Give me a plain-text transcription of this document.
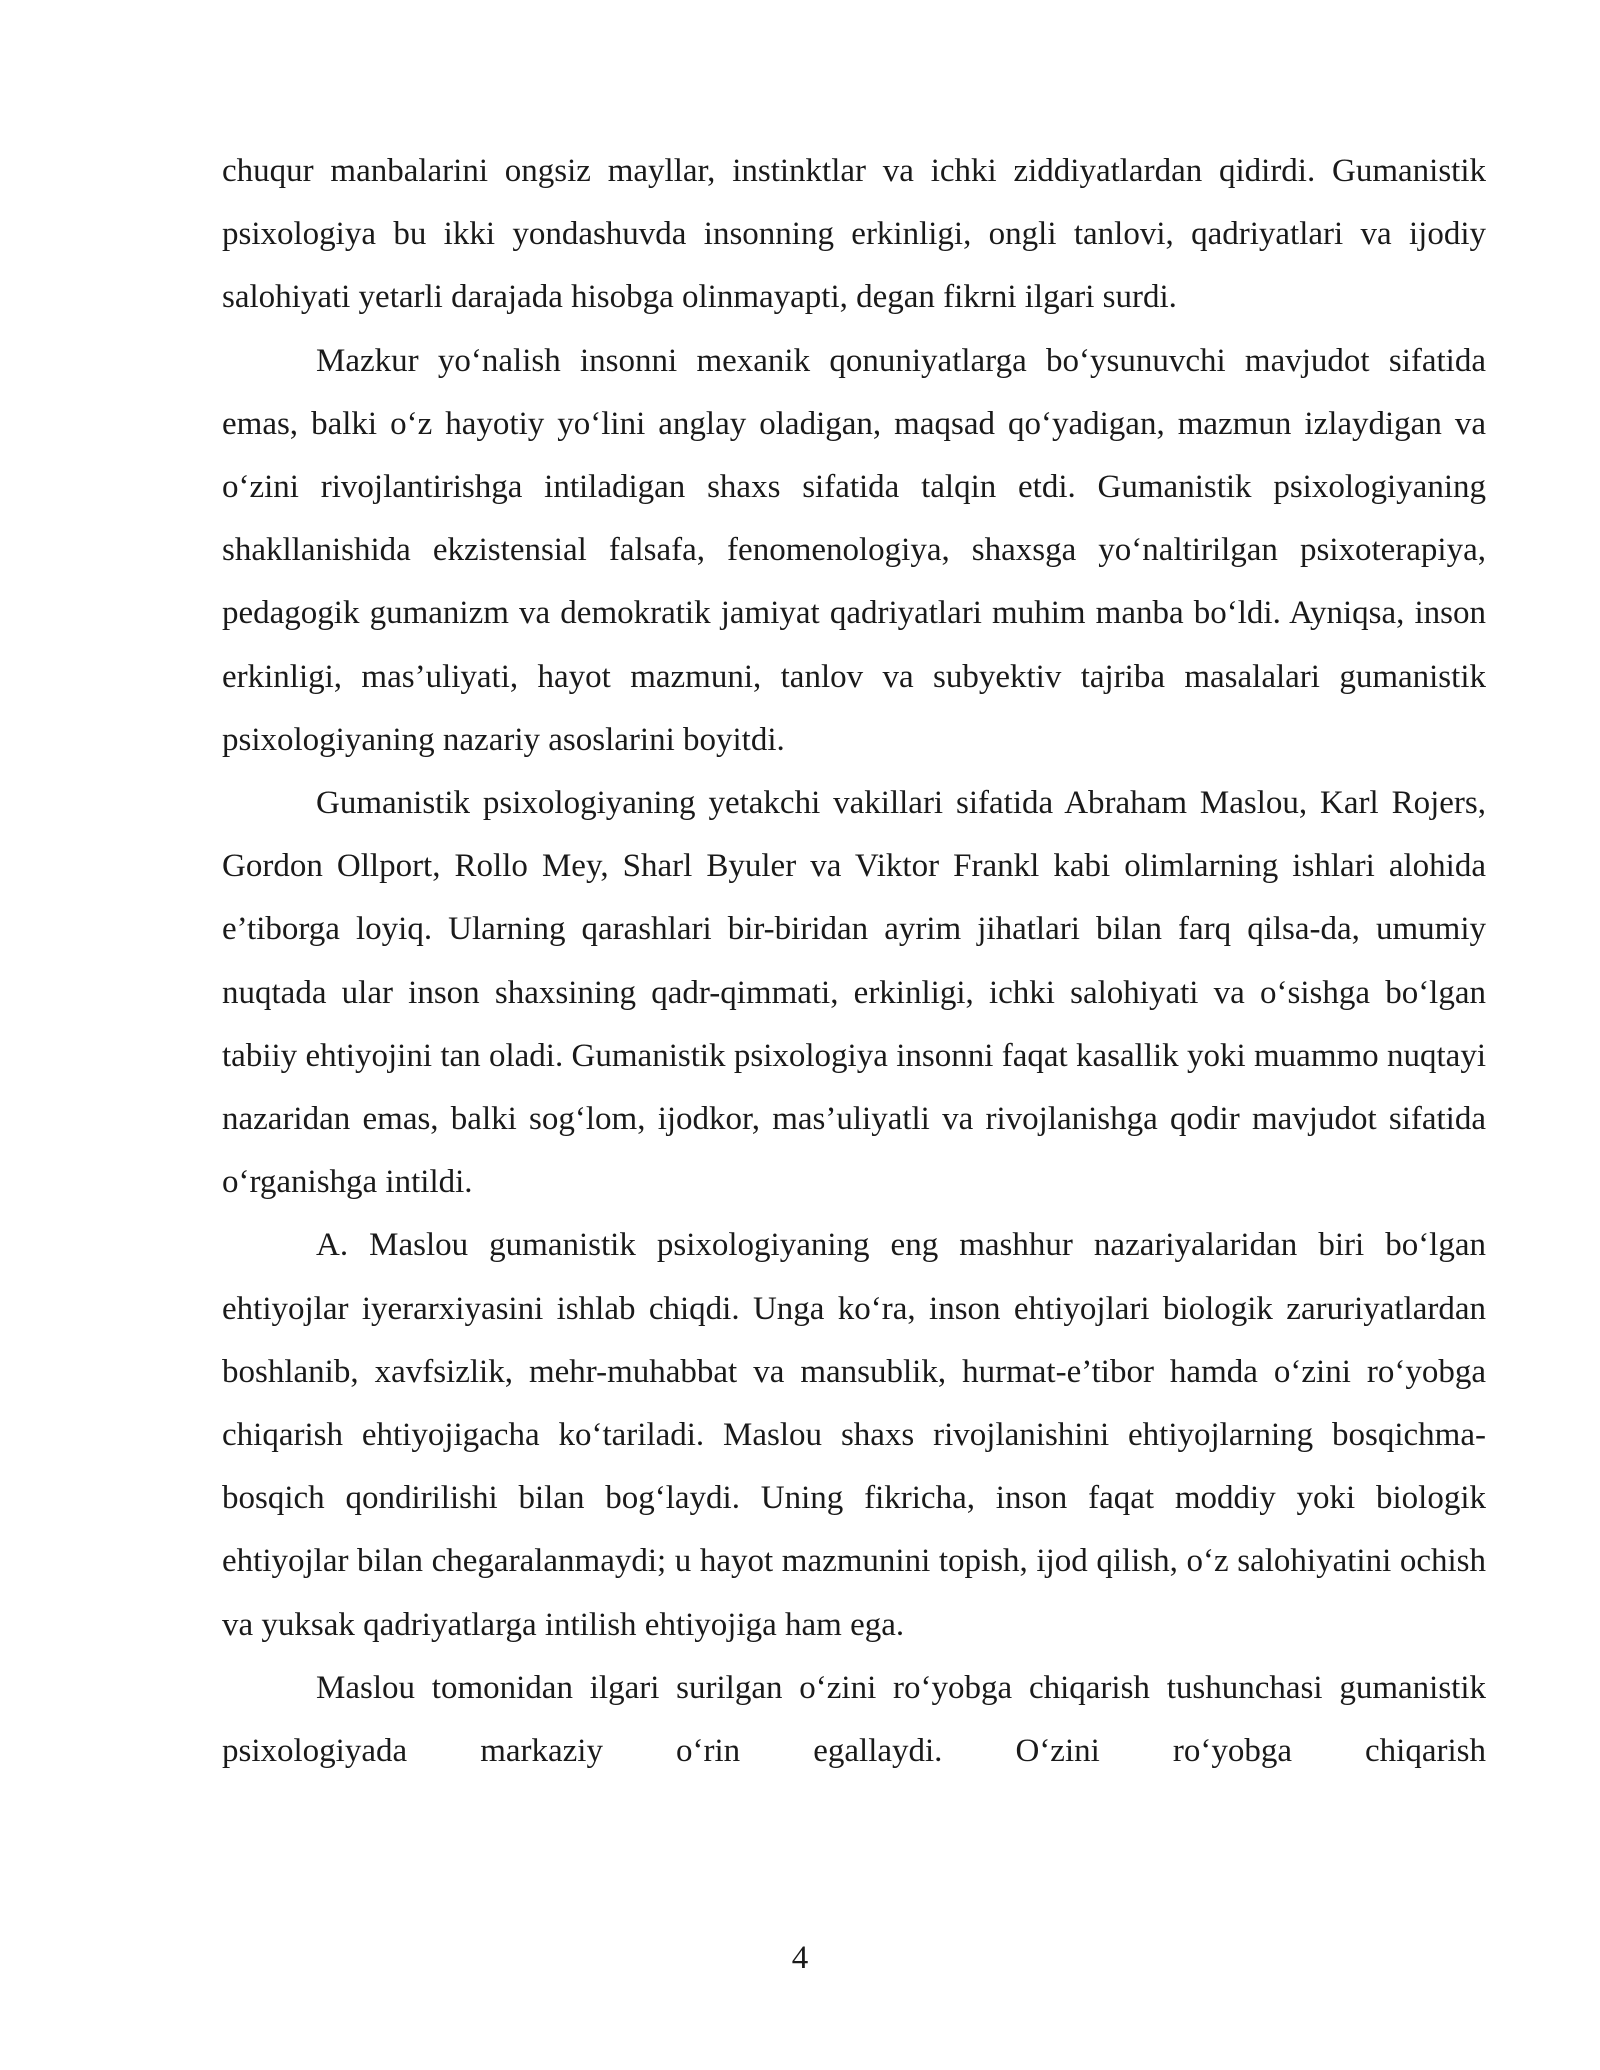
chuqur manbalarini ongsiz mayllar, instinktlar va ichki ziddiyatlardan qidirdi. Gumanistik psixologiya bu ikki yondashuvda insonning erkinligi, ongli tanlovi, qadriyatlari va ijodiy salohiyati yetarli darajada hisobga olinmayapti, degan fikrni ilgari surdi.

Mazkur yo‘nalish insonni mexanik qonuniyatlarga bo‘ysunuvchi mavjudot sifatida emas, balki o‘z hayotiy yo‘lini anglay oladigan, maqsad qo‘yadigan, mazmun izlaydigan va o‘zini rivojlantirishga intiladigan shaxs sifatida talqin etdi. Gumanistik psixologiyaning shakllanishida ekzistensial falsafa, fenomenologiya, shaxsga yo‘naltirilgan psixoterapiya, pedagogik gumanizm va demokratik jamiyat qadriyatlari muhim manba bo‘ldi. Ayniqsa, inson erkinligi, mas’uliyati, hayot mazmuni, tanlov va subyektiv tajriba masalalari gumanistik psixologiyaning nazariy asoslarini boyitdi.

Gumanistik psixologiyaning yetakchi vakillari sifatida Abraham Maslou, Karl Rojers, Gordon Ollport, Rollo Mey, Sharl Byuler va Viktor Frankl kabi olimlarning ishlari alohida e’tiborga loyiq. Ularning qarashlari bir-biridan ayrim jihatlari bilan farq qilsa-da, umumiy nuqtada ular inson shaxsining qadr-qimmati, erkinligi, ichki salohiyati va o‘sishga bo‘lgan tabiiy ehtiyojini tan oladi. Gumanistik psixologiya insonni faqat kasallik yoki muammo nuqtayi nazaridan emas, balki sog‘lom, ijodkor, mas’uliyatli va rivojlanishga qodir mavjudot sifatida o‘rganishga intildi.

A. Maslou gumanistik psixologiyaning eng mashhur nazariyalaridan biri bo‘lgan ehtiyojlar iyerarxiyasini ishlab chiqdi. Unga ko‘ra, inson ehtiyojlari biologik zaruriyatlardan boshlanib, xavfsizlik, mehr-muhabbat va mansublik, hurmat-e’tibor hamda o‘zini ro‘yobga chiqarish ehtiyojigacha ko‘tariladi. Maslou shaxs rivojlanishini ehtiyojlarning bosqichma-bosqich qondirilishi bilan bog‘laydi. Uning fikricha, inson faqat moddiy yoki biologik ehtiyojlar bilan chegaralanmaydi; u hayot mazmunini topish, ijod qilish, o‘z salohiyatini ochish va yuksak qadriyatlarga intilish ehtiyojiga ham ega.

Maslou tomonidan ilgari surilgan o‘zini ro‘yobga chiqarish tushunchasi gumanistik psixologiyada markaziy o‘rin egallaydi. O‘zini ro‘yobga chiqarish

4
